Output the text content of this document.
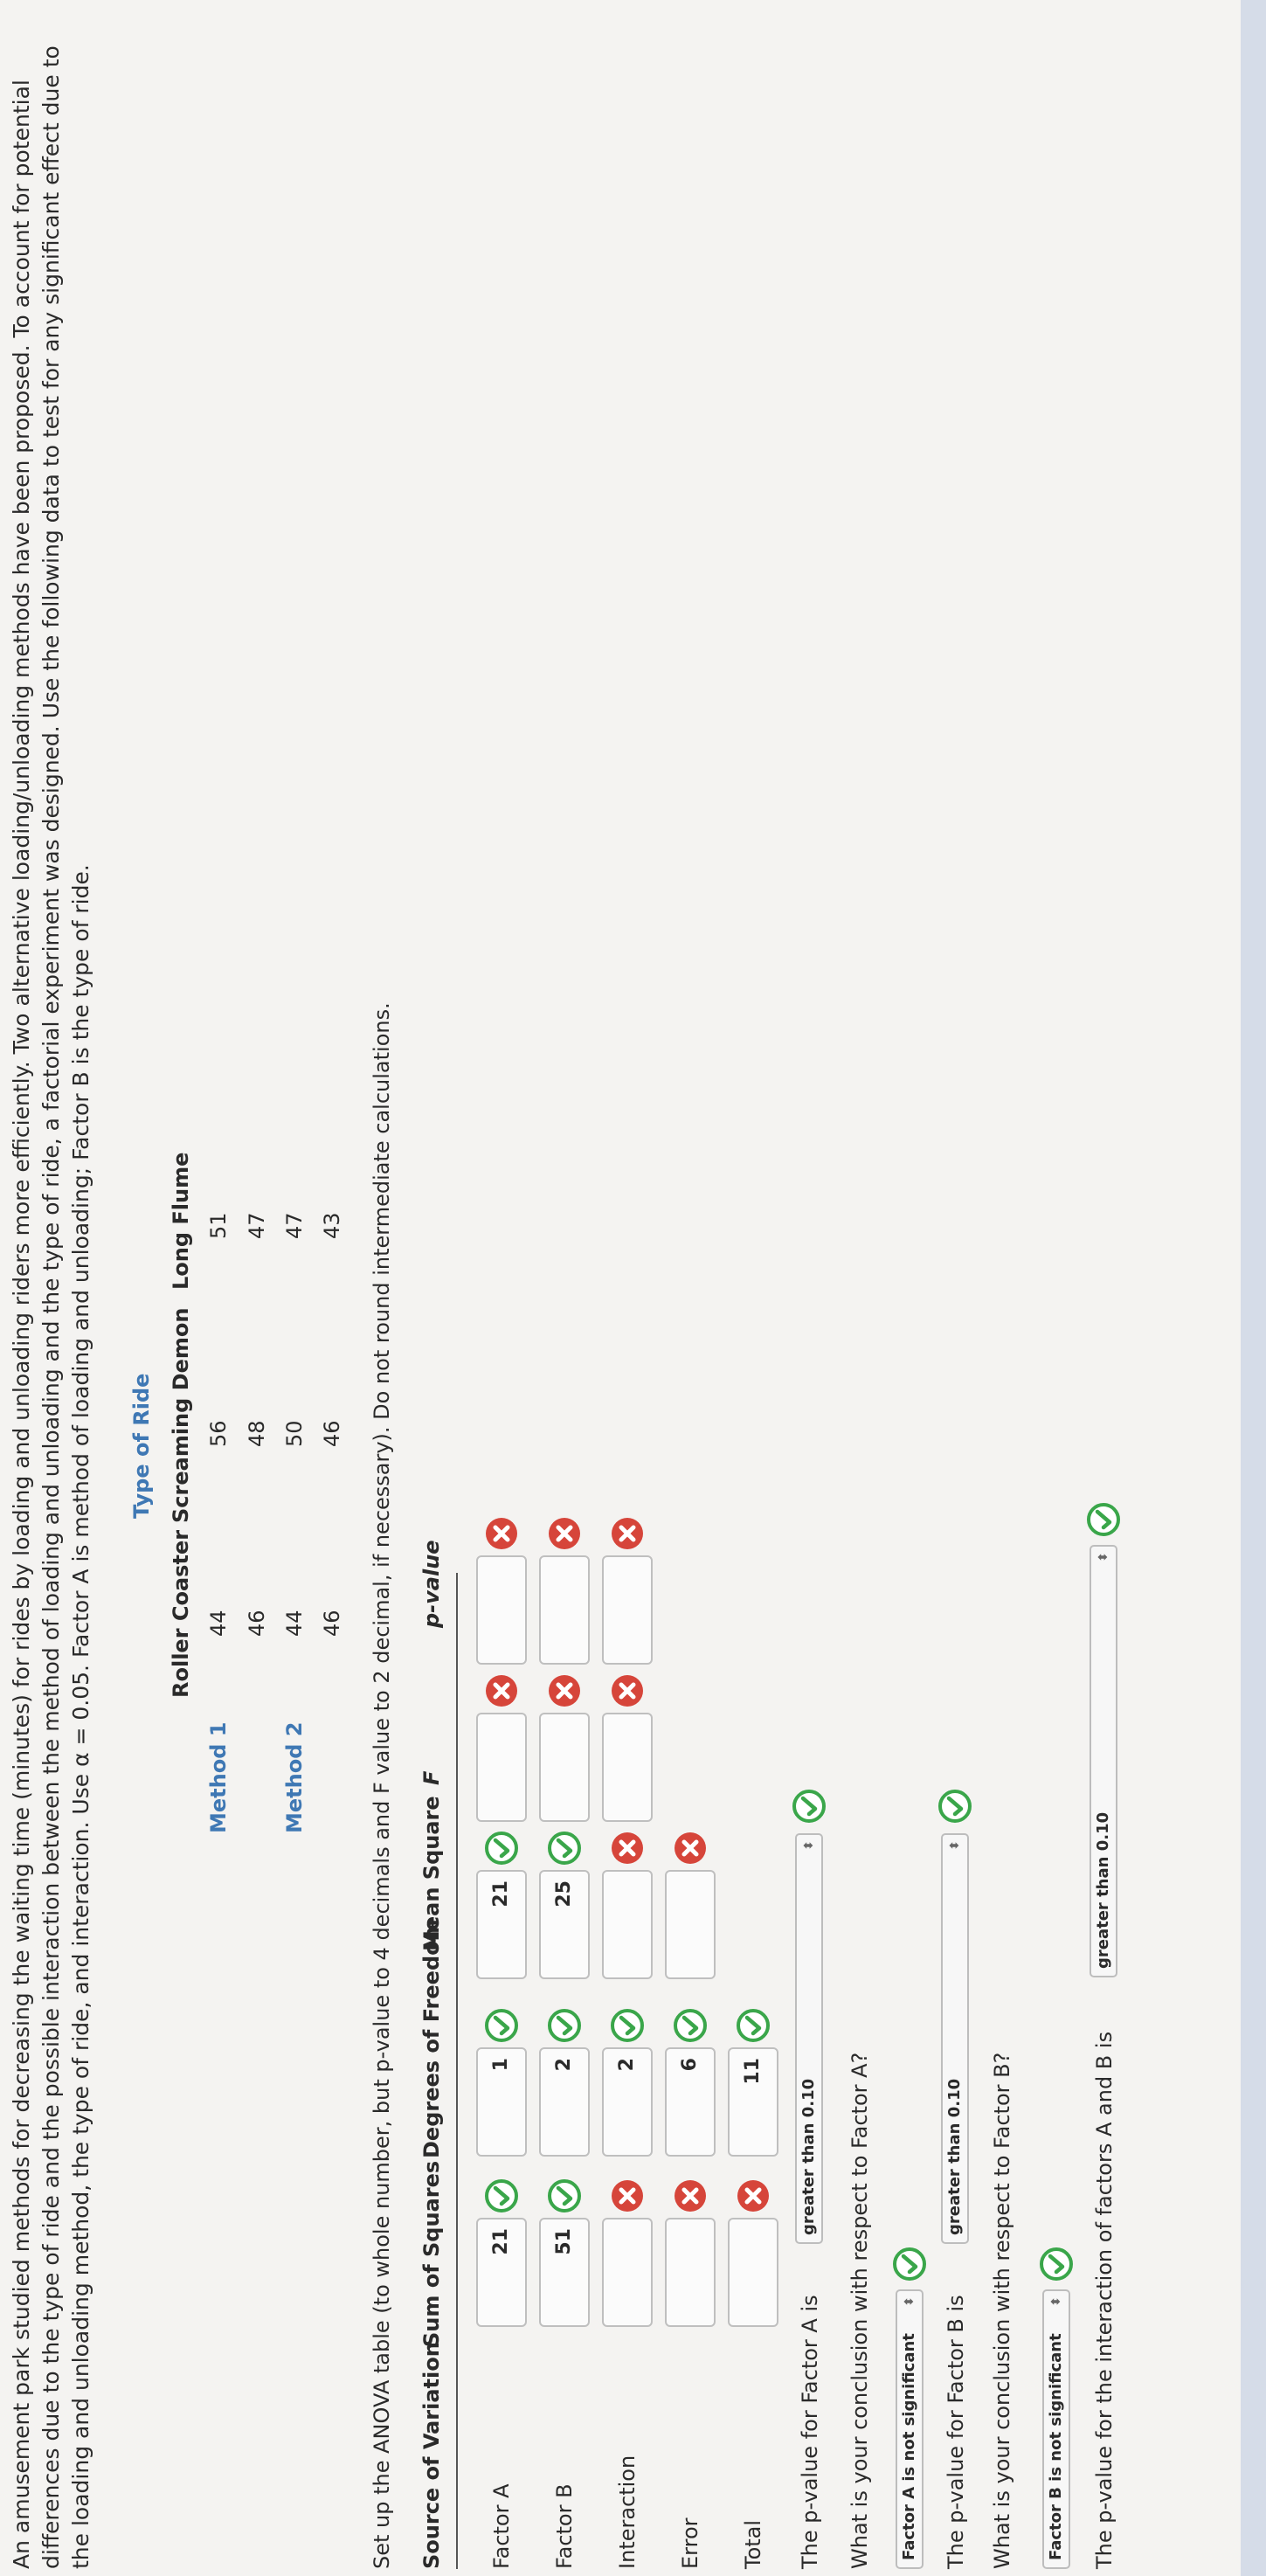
An amusement park studied methods for decreasing the waiting time (minutes) for rides by loading and unloading riders more efficiently. Two alternative loading/unloading methods have been proposed. To account for potential differences due to the type of ride and the possible interaction between the method of loading and unloading and the type of ride, a factorial experiment was designed. Use the following data to test for any significant effect due to the loading and unloading method, the type of ride, and interaction. Use α = 0.05. Factor A is method of loading and unloading; Factor B is the type of ride. Type of Ride
Roller Coaster
Screaming Demon
Long Flume
Method 1
44
56
51
46
48
47
Method 2
44
50
47
46
46
43 Set up the ANOVA table (to whole number, but p-value to 4 decimals and F value to 2 decimal, if necessary). Do not round intermediate calculations. Source of Variation
Sum of Squares
Degrees of Freedom
Mean Square
F
p-value
Factor A Factor B Interaction Error Total
21
1
21
51
2
25
2	6	11
The p-value for Factor A is
greater than 0.10
⬍
What is your conclusion with respect to Factor A? Factor A is not significant
⬍ The p-value for Factor B is
greater than 0.10
⬍
What is your conclusion with respect to Factor B? Factor B is not significant
⬍ The p-value for the interaction of factors A and B is
greater than 0.10
⬍
